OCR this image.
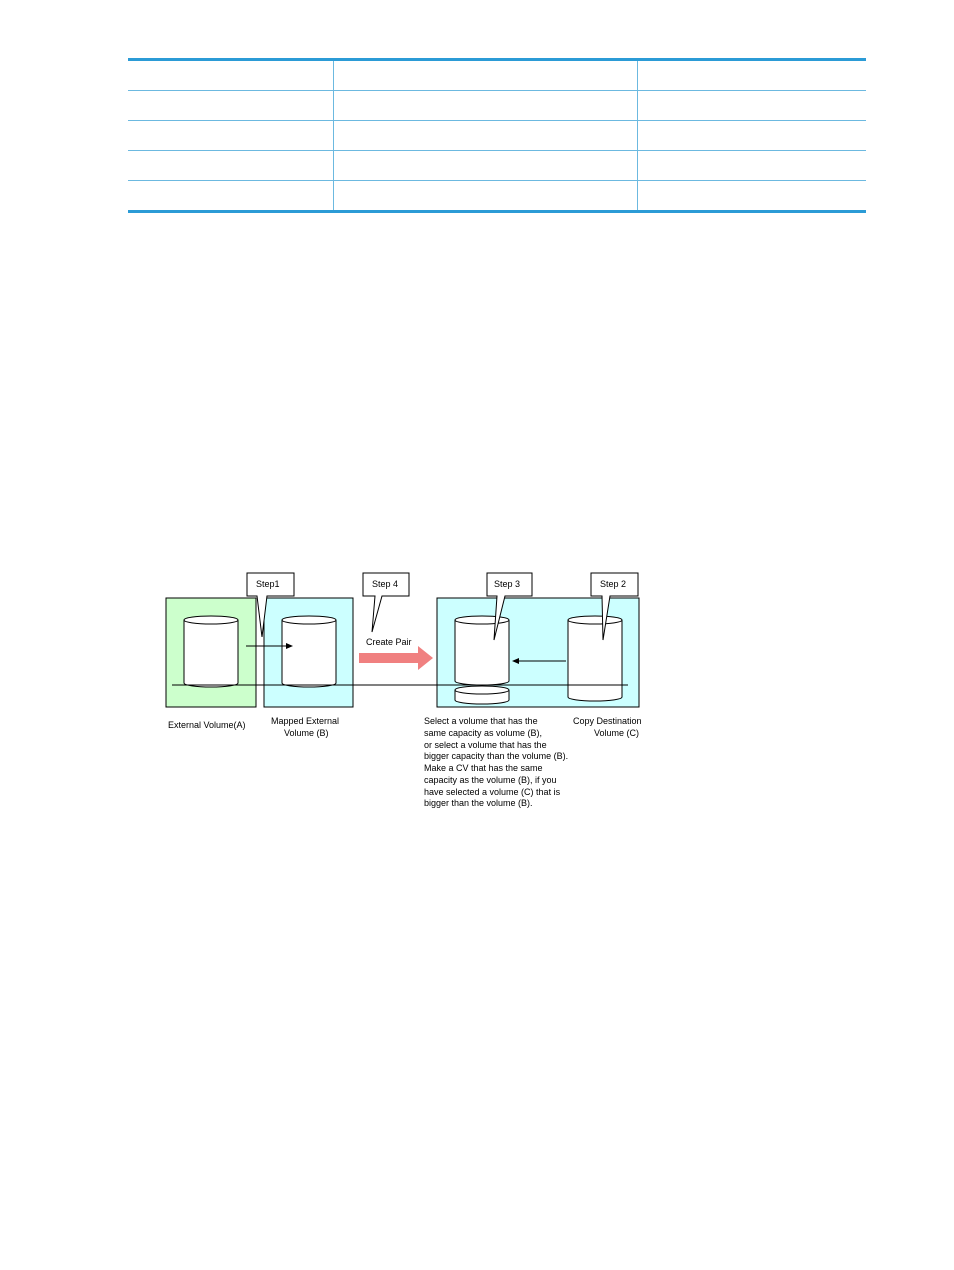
Step1	Step 4	Step 3	Step 2
Create Pair
External Volume(A)	Mapped External
Volume (B)
Copy Destination
Volume (C)
Select a volume that has the
same capacity as volume (B),
or select a volume that has the
bigger capacity than the volume (B).
Make a CV that has the same
capacity as the volume (B), if you
have selected a volume (C) that is
bigger than the volume (B).
